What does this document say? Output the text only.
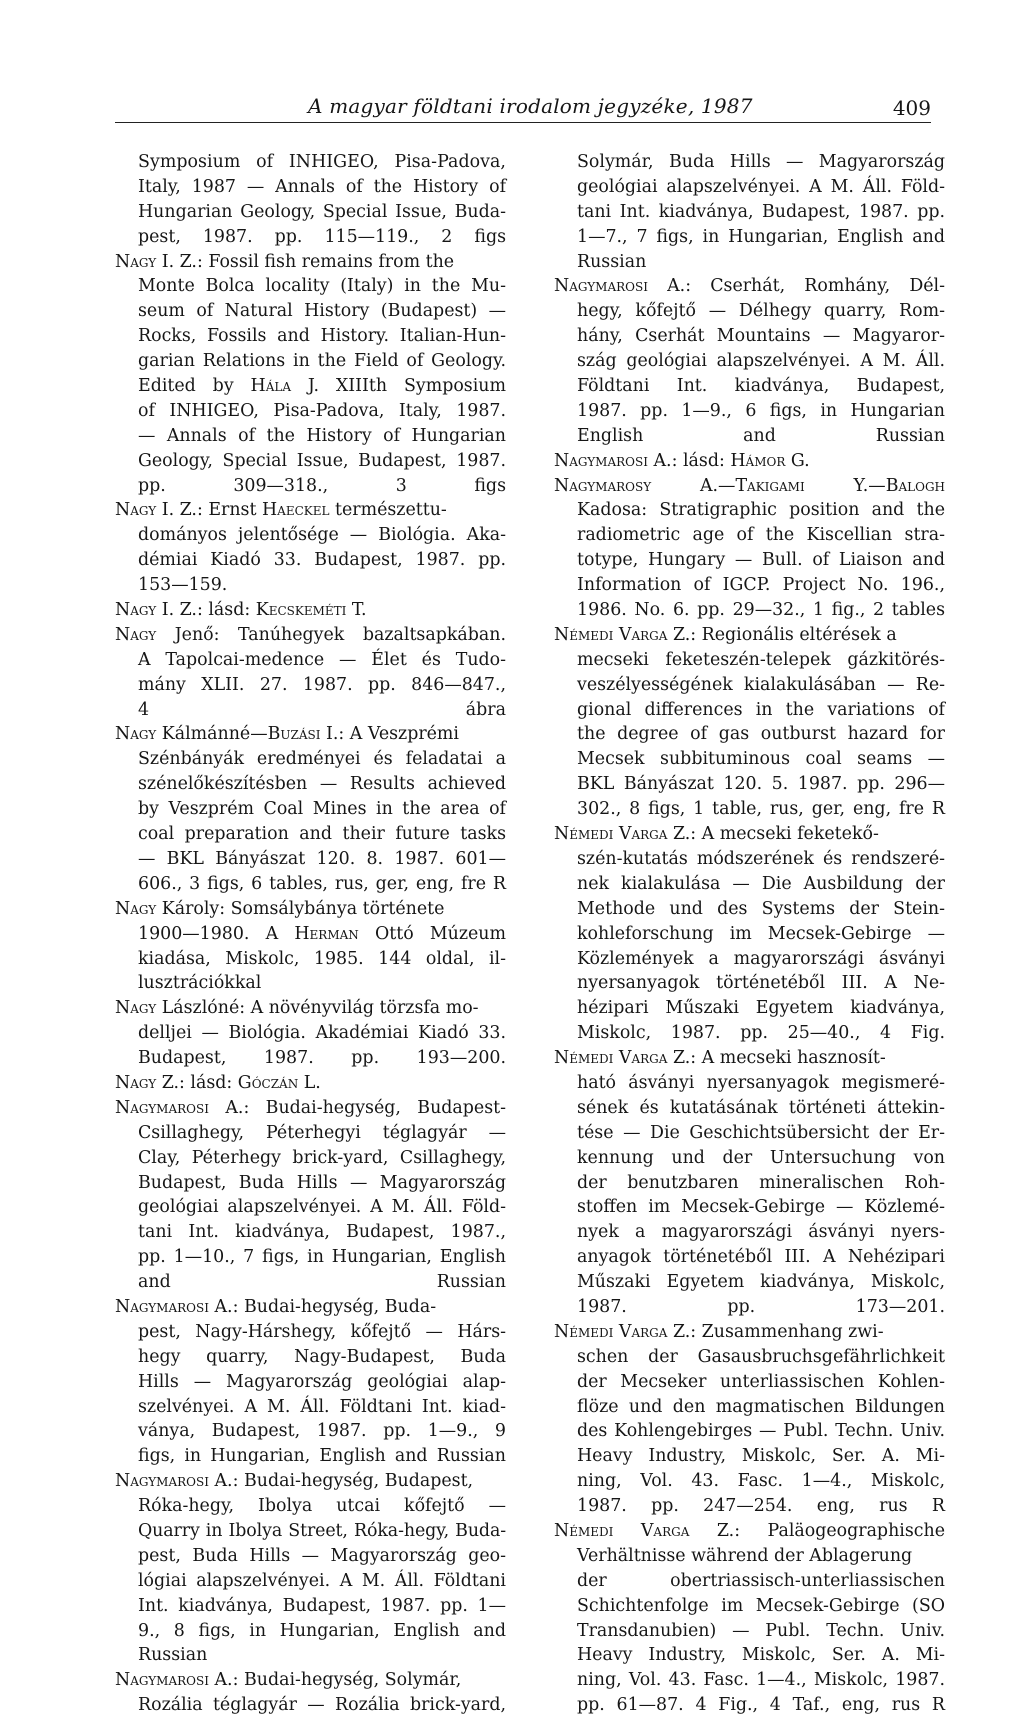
A magyar földtani irodalom jegyzéke, 1987	409
Symposium of INHIGEO, Pisa-Padova,
Italy, 1987 — Annals of the History of
Hungarian Geology, Special Issue, Buda-
pest, 1987. pp. 115—119., 2 figs
Nagy I. Z.: Fossil fish remains from the
Monte Bolca locality (Italy) in the Mu-
seum of Natural History (Budapest) —
Rocks, Fossils and History. Italian-Hun-
garian Relations in the Field of Geology.
Edited by Hála J. XIIIth Symposium
of INHIGEO, Pisa-Padova, Italy, 1987.
— Annals of the History of Hungarian
Geology, Special Issue, Budapest, 1987.
pp. 309—318., 3 figs
Nagy I. Z.: Ernst Haeckel természettu-
dományos jelentősége — Biológia. Aka-
démiai Kiadó 33. Budapest, 1987. pp.
153—159.
Nagy I. Z.: lásd: Kecskeméti T.
Nagy Jenő: Tanúhegyek bazaltsapkában.
A Tapolcai-medence — Élet és Tudo-
mány XLII. 27. 1987. pp. 846—847.,
4 ábra
Nagy Kálmánné—Buzási I.: A Veszprémi
Szénbányák eredményei és feladatai a
szénelőkészítésben — Results achieved
by Veszprém Coal Mines in the area of
coal preparation and their future tasks
— BKL Bányászat 120. 8. 1987. 601—
606., 3 figs, 6 tables, rus, ger, eng, fre R
Nagy Károly: Somsálybánya története
1900—1980. A Herman Ottó Múzeum
kiadása, Miskolc, 1985. 144 oldal, il-
lusztrációkkal
Nagy Lászlóné: A növényvilág törzsfa mo-
delljei — Biológia. Akadémiai Kiadó 33.
Budapest, 1987. pp. 193—200.
Nagy Z.: lásd: Góczán L.
Nagymarosi A.: Budai-hegység, Budapest-
Csillaghegy, Péterhegyi téglagyár —
Clay, Péterhegy brick-yard, Csillaghegy,
Budapest, Buda Hills — Magyarország
geológiai alapszelvényei. A M. Áll. Föld-
tani Int. kiadványa, Budapest, 1987.,
pp. 1—10., 7 figs, in Hungarian, English
and Russian
Nagymarosi A.: Budai-hegység, Buda-
pest, Nagy-Hárshegy, kőfejtő — Hárs-
hegy quarry, Nagy-Budapest, Buda
Hills — Magyarország geológiai alap-
szelvényei. A M. Áll. Földtani Int. kiad-
ványa, Budapest, 1987. pp. 1—9., 9
figs, in Hungarian, English and Russian
Nagymarosi A.: Budai-hegység, Budapest,
Róka-hegy, Ibolya utcai kőfejtő —
Quarry in Ibolya Street, Róka-hegy, Buda-
pest, Buda Hills — Magyarország geo-
lógiai alapszelvényei. A M. Áll. Földtani
Int. kiadványa, Budapest, 1987. pp. 1—
9., 8 figs, in Hungarian, English and
Russian
Nagymarosi A.: Budai-hegység, Solymár,
Rozália téglagyár — Rozália brick-yard,
Solymár, Buda Hills — Magyarország
geológiai alapszelvényei. A M. Áll. Föld-
tani Int. kiadványa, Budapest, 1987. pp.
1—7., 7 figs, in Hungarian, English and
Russian
Nagymarosi A.: Cserhát, Romhány, Dél-
hegy, kőfejtő — Délhegy quarry, Rom-
hány, Cserhát Mountains — Magyaror-
szág geológiai alapszelvényei. A M. Áll.
Földtani Int. kiadványa, Budapest,
1987. pp. 1—9., 6 figs, in Hungarian
English and Russian
Nagymarosi A.: lásd: Hámor G.
Nagymarosy A.—Takigami Y.—Balogh
Kadosa: Stratigraphic position and the
radiometric age of the Kiscellian stra-
totype, Hungary — Bull. of Liaison and
Information of IGCP. Project No. 196.,
1986. No. 6. pp. 29—32., 1 fig., 2 tables
Némedi Varga Z.: Regionális eltérések a
mecseki feketeszén-telepek gázkitörés-
veszélyességének kialakulásában — Re-
gional differences in the variations of
the degree of gas outburst hazard for
Mecsek subbituminous coal seams —
BKL Bányászat 120. 5. 1987. pp. 296—
302., 8 figs, 1 table, rus, ger, eng, fre R
Némedi Varga Z.: A mecseki feketekő-
szén-kutatás módszerének és rendszeré-
nek kialakulása — Die Ausbildung der
Methode und des Systems der Stein-
kohleforschung im Mecsek-Gebirge —
Közlemények a magyarországi ásványi
nyersanyagok történetéből III. A Ne-
hézipari Műszaki Egyetem kiadványa,
Miskolc, 1987. pp. 25—40., 4 Fig.
Némedi Varga Z.: A mecseki hasznosít-
ható ásványi nyersanyagok megismeré-
sének és kutatásának történeti áttekin-
tése — Die Geschichtsübersicht der Er-
kennung und der Untersuchung von
der benutzbaren mineralischen Roh-
stoffen im Mecsek-Gebirge — Közlemé-
nyek a magyarországi ásványi nyers-
anyagok történetéből III. A Nehézipari
Műszaki Egyetem kiadványa, Miskolc,
1987. pp. 173—201.
Némedi Varga Z.: Zusammenhang zwi-
schen der Gasausbruchsgefährlichkeit
der Mecseker unterliassischen Kohlen-
flöze und den magmatischen Bildungen
des Kohlengebirges — Publ. Techn. Univ.
Heavy Industry, Miskolc, Ser. A. Mi-
ning, Vol. 43. Fasc. 1—4., Miskolc,
1987. pp. 247—254. eng, rus R
Némedi Varga Z.: Paläogeographische
Verhältnisse während der Ablagerung
der obertriassisch-unterliassischen
Schichtenfolge im Mecsek-Gebirge (SO
Transdanubien) — Publ. Techn. Univ.
Heavy Industry, Miskolc, Ser. A. Mi-
ning, Vol. 43. Fasc. 1—4., Miskolc, 1987.
pp. 61—87. 4 Fig., 4 Taf., eng, rus R
